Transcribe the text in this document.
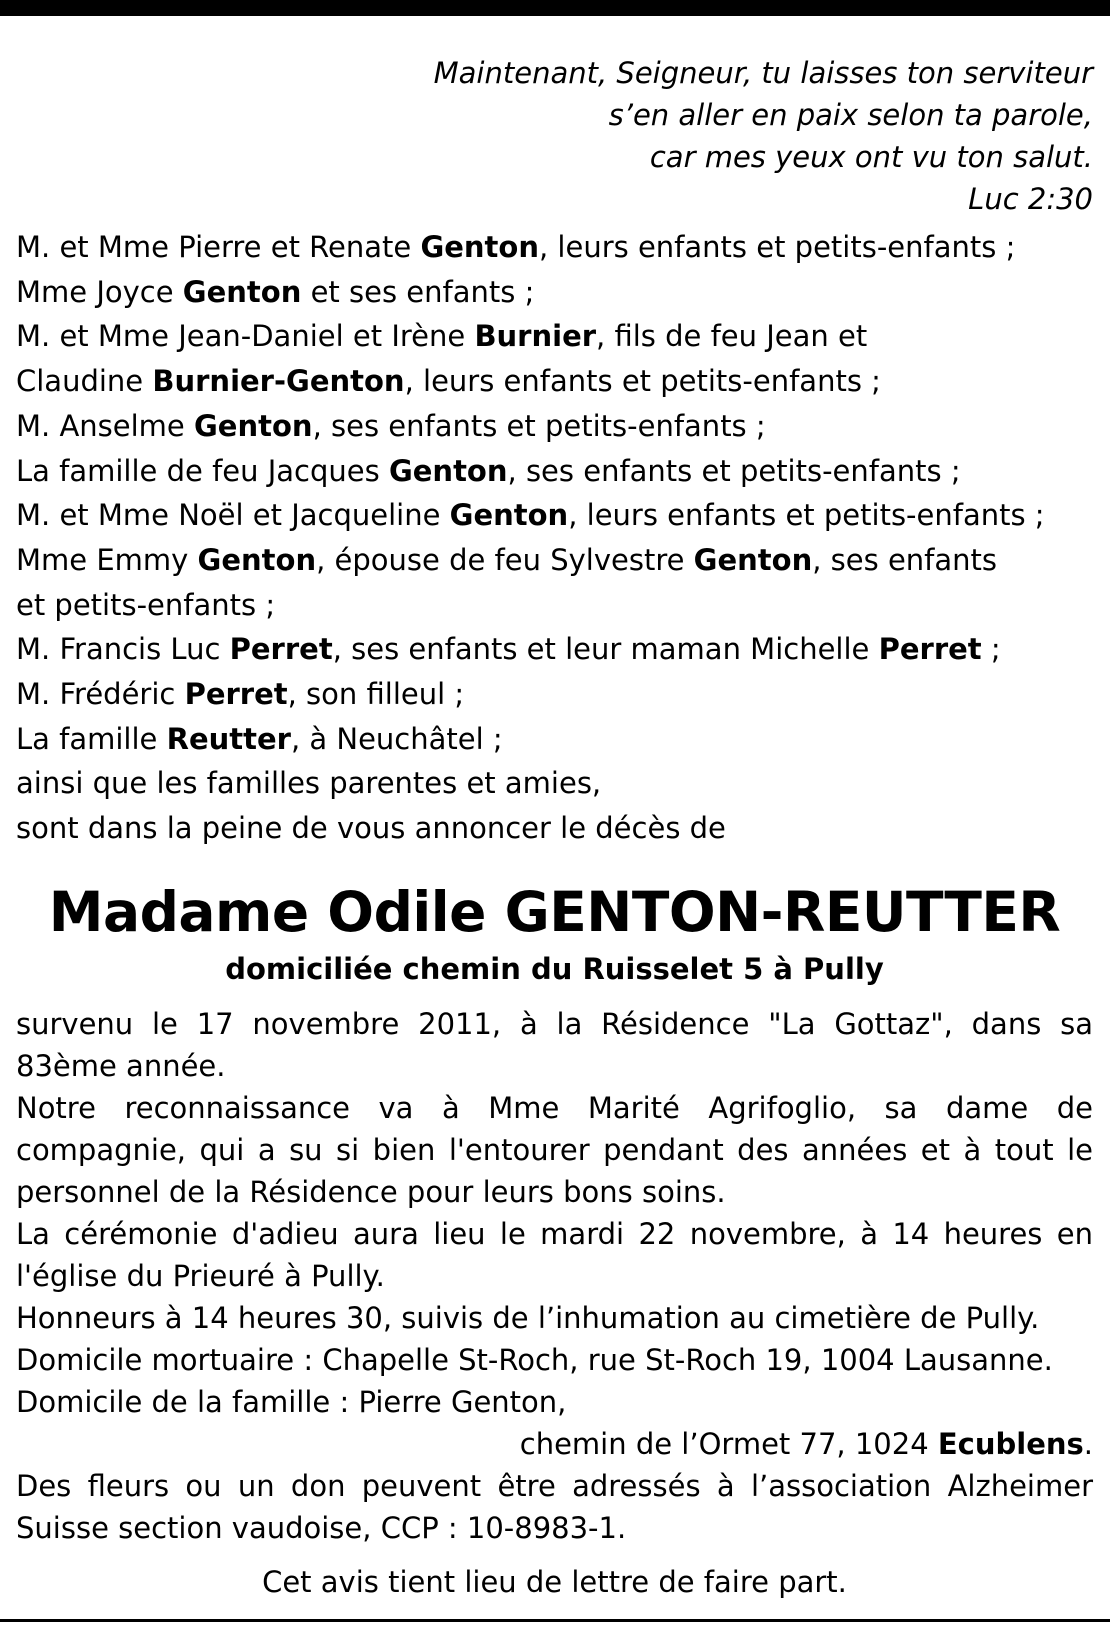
Maintenant, Seigneur, tu laisses ton serviteur
s’en aller en paix selon ta parole,
car mes yeux ont vu ton salut.
Luc 2:30
M. et Mme Pierre et Renate Genton, leurs enfants et petits-enfants ;
Mme Joyce Genton et ses enfants ;
M. et Mme Jean-Daniel et Irène Burnier, fils de feu Jean et
Claudine Burnier-Genton, leurs enfants et petits-enfants ;
M. Anselme Genton, ses enfants et petits-enfants ;
La famille de feu Jacques Genton, ses enfants et petits-enfants ;
M. et Mme Noël et Jacqueline Genton, leurs enfants et petits-enfants ;
Mme Emmy Genton, épouse de feu Sylvestre Genton, ses enfants et petits-enfants ;
M. Francis Luc Perret, ses enfants et leur maman Michelle Perret ;
M. Frédéric Perret, son filleul ;
La famille Reutter, à Neuchâtel ;
ainsi que les familles parentes et amies,
sont dans la peine de vous annoncer le décès de
Madame Odile GENTON-REUTTER
domiciliée chemin du Ruisselet 5 à Pully
survenu le 17 novembre 2011, à la Résidence "La Gottaz", dans sa 83ème année.
Notre reconnaissance va à Mme Marité Agrifoglio, sa dame de compagnie, qui a su si bien l'entourer pendant des années et à tout le personnel de la Résidence pour leurs bons soins.
La cérémonie d'adieu aura lieu le mardi 22 novembre, à 14 heures en l'église du Prieuré à Pully.
Honneurs à 14 heures 30, suivis de l’inhumation au cimetière de Pully.
Domicile mortuaire : Chapelle St-Roch, rue St-Roch 19, 1004 Lausanne.
Domicile de la famille : Pierre Genton,
chemin de l’Ormet 77, 1024 Ecublens.
Des fleurs ou un don peuvent être adressés à l’association Alzheimer Suisse section vaudoise, CCP : 10-8983-1.
Cet avis tient lieu de lettre de faire part.
